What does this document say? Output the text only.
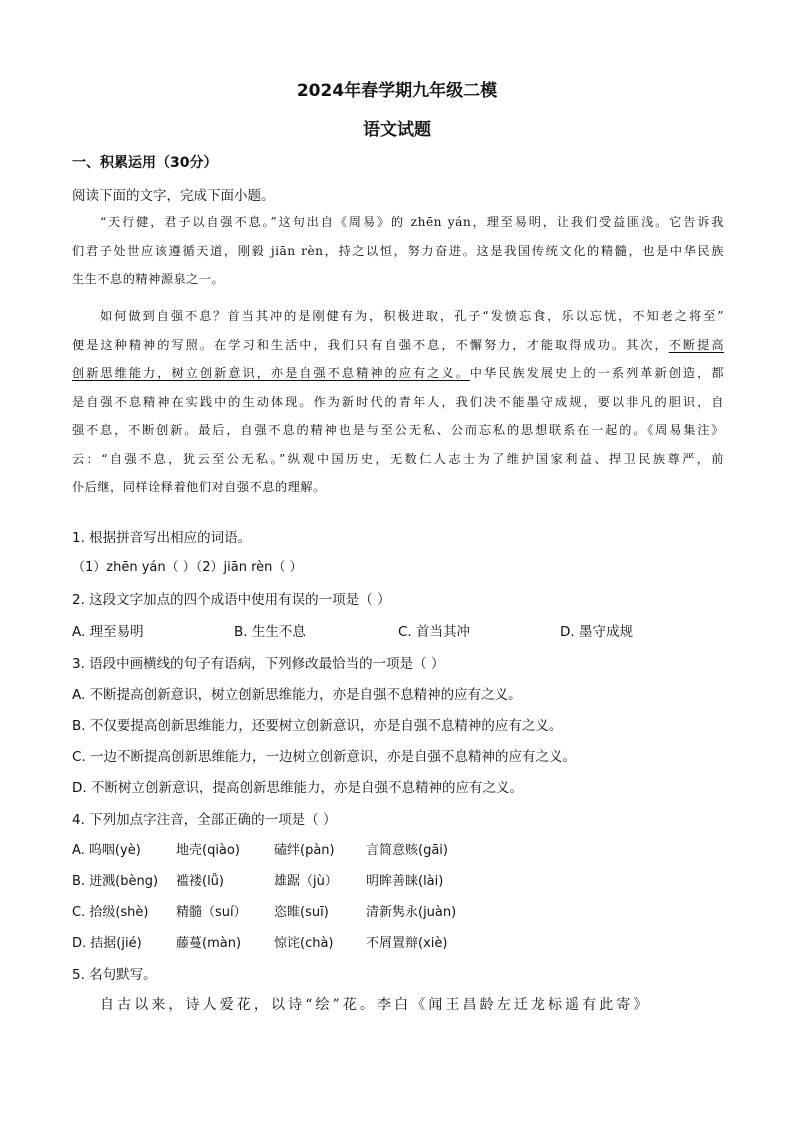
2024年春学期九年级二模
语文试题
一、积累运用（30分）
阅读下面的文字，完成下面小题。
“天行健，君子以自强不息。”这句出自《周易》的 zhēn yán，理至易明，让我们受益匪浅。它告诉我
们君子处世应该遵循天道，刚毅 jiān rèn，持之以恒，努力奋进。这是我国传统文化的精髓，也是中华民族
生生不息的精神源泉之一。
如何做到自强不息？首当其冲的是刚健有为，积极进取，孔子“发愤忘食，乐以忘忧，不知老之将至”
便是这种精神的写照。在学习和生活中，我们只有自强不息，不懈努力，才能取得成功。其次，不断提高
创新思维能力，树立创新意识，亦是自强不息精神的应有之义。中华民族发展史上的一系列革新创造，都
是自强不息精神在实践中的生动体现。作为新时代的青年人，我们决不能墨守成规，要以非凡的胆识，自
强不息，不断创新。最后，自强不息的精神也是与至公无私、公而忘私的思想联系在一起的。《周易集注》
云：“自强不息，犹云至公无私。”纵观中国历史，无数仁人志士为了维护国家利益、捍卫民族尊严，前
仆后继，同样诠释着他们对自强不息的理解。
1. 根据拼音写出相应的词语。
（1）zhēn yán（ ）（2）jiān rèn（ ）
2. 这段文字加点的四个成语中使用有误的一项是（ ）
A. 理至易明	B. 生生不息	C. 首当其冲	D. 墨守成规
3. 语段中画横线的句子有语病，下列修改最恰当的一项是（ ）
A. 不断提高创新意识，树立创新思维能力，亦是自强不息精神的应有之义。
B. 不仅要提高创新思维能力，还要树立创新意识，亦是自强不息精神的应有之义。
C. 一边不断提高创新思维能力，一边树立创新意识，亦是自强不息精神的应有之义。
D. 不断树立创新意识，提高创新思维能力，亦是自强不息精神的应有之义。
4. 下列加点字注音，全部正确的一项是（ ）
A. 呜咽(yè)	地壳(qiào)	磕绊(pàn) 言简意赅(gāi)
B. 迸溅(bèng) 褴褛(lǚ)	雄踞（jù） 明眸善睐(lài)
C. 拾级(shè) 精髓（suí） 恣睢(suī)	清新隽永(juàn)
D. 拮据(jié)	藤蔓(màn)	惊诧(chà)	不屑置辩(xiè)
5. 名句默写。
自古以来，诗人爱花，以诗“绘”花。李白《闻王昌龄左迁龙标遥有此寄》
